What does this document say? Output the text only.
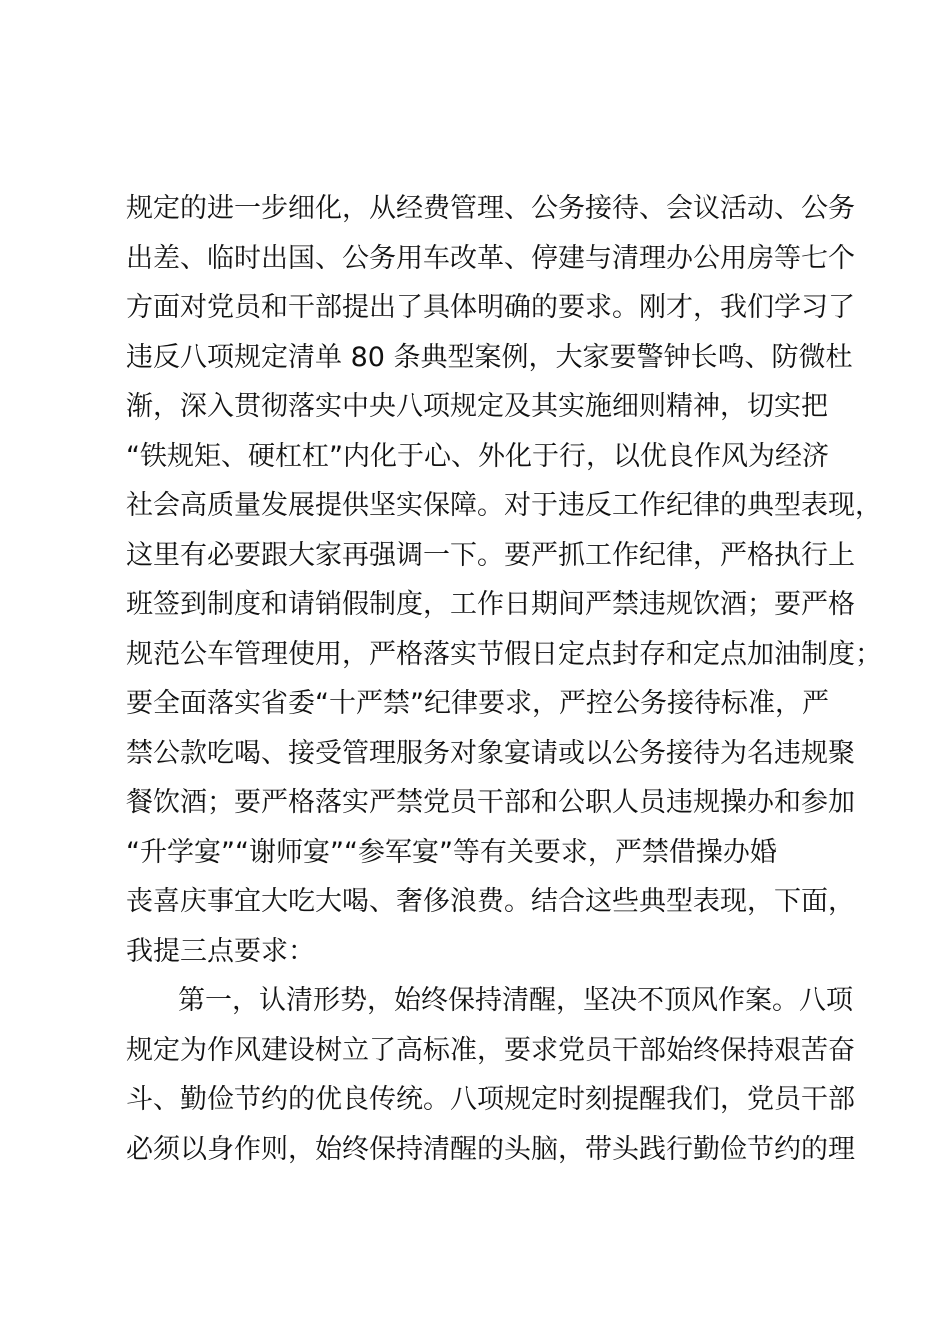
规定的进一步细化，从经费管理、公务接待、会议活动、公务
出差、临时出国、公务用车改革、停建与清理办公用房等七个
方面对党员和干部提出了具体明确的要求。刚才，我们学习了
违反八项规定清单 80 条典型案例，大家要警钟长鸣、防微杜
渐，深入贯彻落实中央八项规定及其实施细则精神，切实把
“铁规矩、硬杠杠”内化于心、外化于行，以优良作风为经济
社会高质量发展提供坚实保障。对于违反工作纪律的典型表现，
这里有必要跟大家再强调一下。要严抓工作纪律，严格执行上
班签到制度和请销假制度，工作日期间严禁违规饮酒；要严格
规范公车管理使用，严格落实节假日定点封存和定点加油制度；
要全面落实省委“十严禁”纪律要求，严控公务接待标准，严
禁公款吃喝、接受管理服务对象宴请或以公务接待为名违规聚
餐饮酒；要严格落实严禁党员干部和公职人员违规操办和参加
“升学宴”“谢师宴”“参军宴”等有关要求，严禁借操办婚
丧喜庆事宜大吃大喝、奢侈浪费。结合这些典型表现，下面，
我提三点要求：
第一，认清形势，始终保持清醒，坚决不顶风作案。八项
规定为作风建设树立了高标准，要求党员干部始终保持艰苦奋
斗、勤俭节约的优良传统。八项规定时刻提醒我们，党员干部
必须以身作则，始终保持清醒的头脑，带头践行勤俭节约的理
